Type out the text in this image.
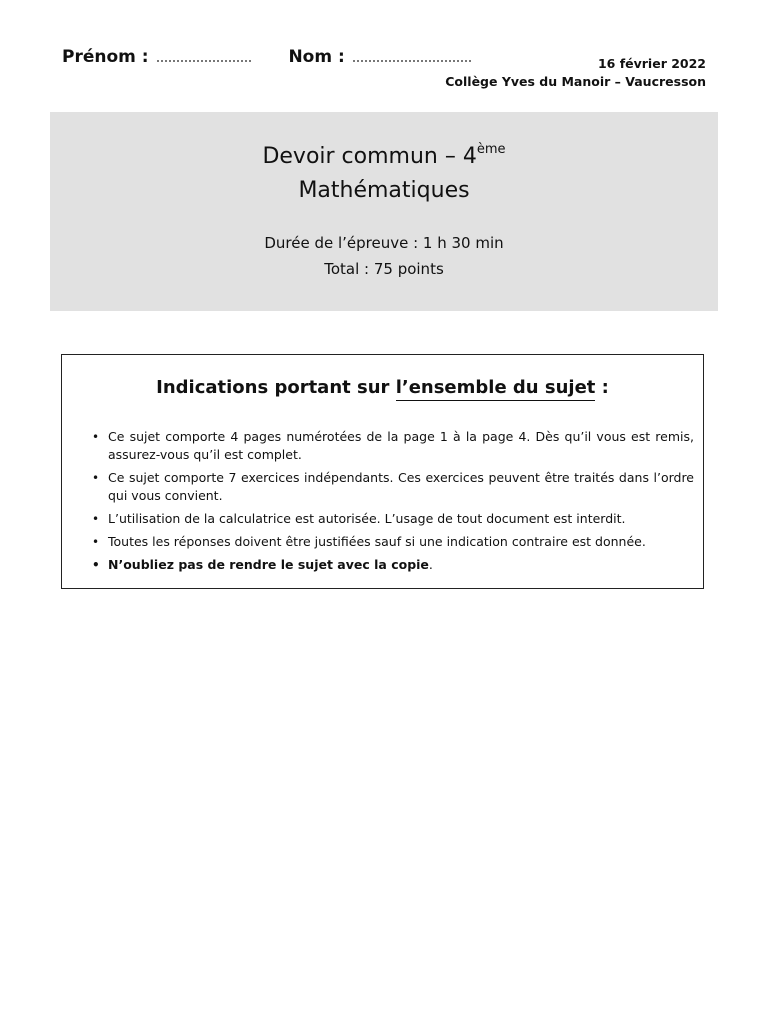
Prénom :	Nom :	16 février 2022
Collège Yves du Manoir – Vaucresson
Devoir commun – 4ème
Mathématiques
Durée de l’épreuve : 1 h 30 min
Total : 75 points
Indications portant sur l’ensemble du sujet :
• Ce sujet comporte 4 pages numérotées de la page 1 à la page 4. Dès qu’il vous est remis, assurez-vous qu’il est complet.
• Ce sujet comporte 7 exercices indépendants. Ces exercices peuvent être traités dans l’ordre qui vous convient.
• L’utilisation de la calculatrice est autorisée. L’usage de tout document est interdit.
• Toutes les réponses doivent être justifiées sauf si une indication contraire est donnée.
• N’oubliez pas de rendre le sujet avec la copie.
